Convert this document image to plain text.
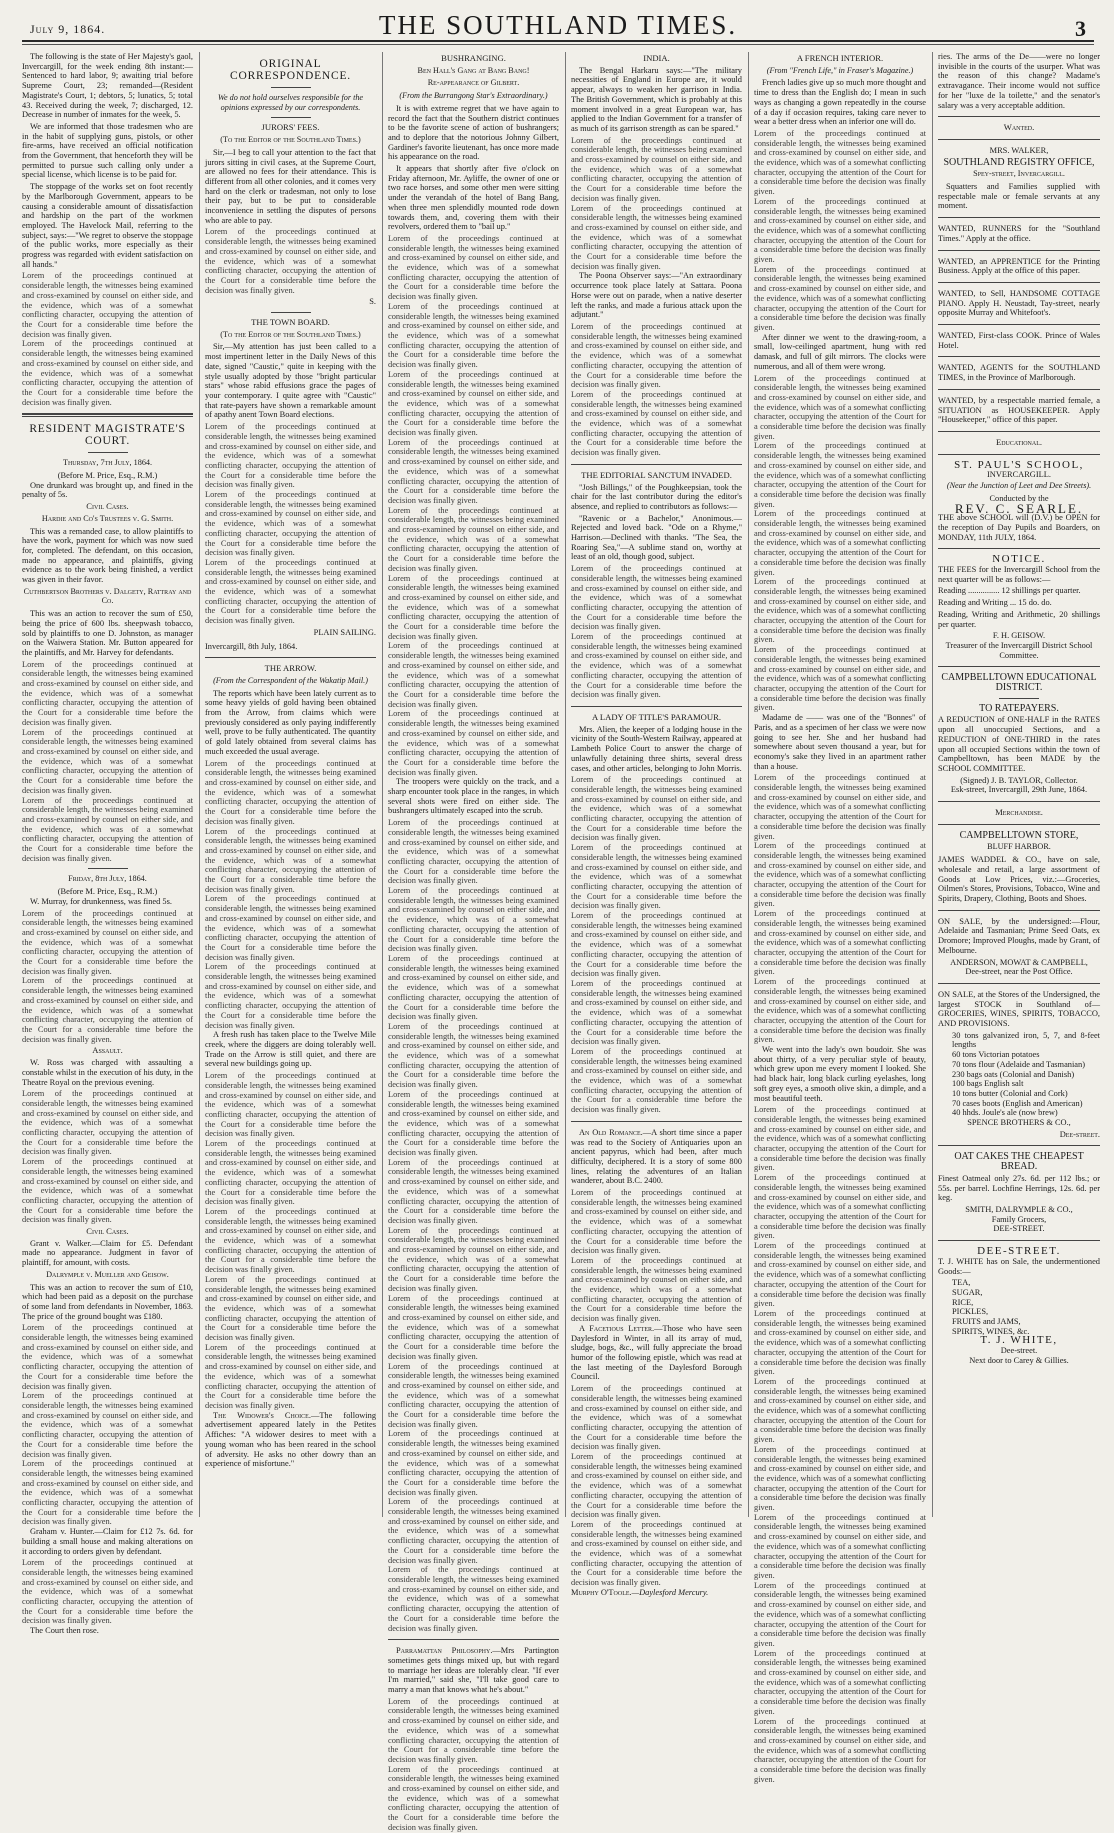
July 9, 1864.	THE SOUTHLAND TIMES.	3

The following is the state of Her Majesty's gaol, Invercargill, for the week ending 8th instant:—Sentenced to hard labor, 9; awaiting trial before Supreme Court, 23; remanded—(Resident Magistrate's Court, 1; debtors, 5; lunatics, 5; total 43. Received during the week, 7; discharged, 12. Decrease in number of inmates for the week, 5.

We are informed that those tradesmen who are in the habit of supplying guns, pistols, or other fire-arms, have received an official notification from the Government, that henceforth they will be permitted to pursue such calling only under a special license, which license is to be paid for.

The stoppage of the works set on foot recently by the Marlborough Government, appears to be causing a considerable amount of dissatisfaction and hardship on the part of the workmen employed. The Havelock Mail, referring to the subject, says:—"We regret to observe the stoppage of the public works, more especially as their progress was regarded with evident satisfaction on all hands."

Lorem of the proceedings continued at considerable length, the witnesses being examined and cross-examined by counsel on either side, and the evidence, which was of a somewhat conflicting character, occupying the attention of the Court for a considerable time before the decision was finally given.

Lorem of the proceedings continued at considerable length, the witnesses being examined and cross-examined by counsel on either side, and the evidence, which was of a somewhat conflicting character, occupying the attention of the Court for a considerable time before the decision was finally given.

RESIDENT MAGISTRATE'S COURT.
Thursday, 7th July, 1864.
(Before M. Price, Esq., R.M.)

One drunkard was brought up, and fined in the penalty of 5s.

Civil Cases.
Hardie and Co's Trustees v. G. Smith.

This was a remanded case, to allow plaintiffs to have the work, payment for which was now sued for, completed. The defendant, on this occasion, made no appearance, and plaintiffs, giving evidence as to the work being finished, a verdict was given in their favor.

Cuthbertson Brothers v. Dalgety, Rattray and Co.

This was an action to recover the sum of £50, being the price of 600 lbs. sheepwash tobacco, sold by plaintiffs to one D. Johnston, as manager on the Waiwera Station. Mr. Button appeared for the plaintiffs, and Mr. Harvey for defendants.

Lorem of the proceedings continued at considerable length, the witnesses being examined and cross-examined by counsel on either side, and the evidence, which was of a somewhat conflicting character, occupying the attention of the Court for a considerable time before the decision was finally given.

Lorem of the proceedings continued at considerable length, the witnesses being examined and cross-examined by counsel on either side, and the evidence, which was of a somewhat conflicting character, occupying the attention of the Court for a considerable time before the decision was finally given.

Lorem of the proceedings continued at considerable length, the witnesses being examined and cross-examined by counsel on either side, and the evidence, which was of a somewhat conflicting character, occupying the attention of the Court for a considerable time before the decision was finally given.

Friday, 8th July, 1864.
(Before M. Price, Esq., R.M.)

W. Murray, for drunkenness, was fined 5s.

Lorem of the proceedings continued at considerable length, the witnesses being examined and cross-examined by counsel on either side, and the evidence, which was of a somewhat conflicting character, occupying the attention of the Court for a considerable time before the decision was finally given.

Lorem of the proceedings continued at considerable length, the witnesses being examined and cross-examined by counsel on either side, and the evidence, which was of a somewhat conflicting character, occupying the attention of the Court for a considerable time before the decision was finally given.

Assault.

W. Ross was charged with assaulting a constable whilst in the execution of his duty, in the Theatre Royal on the previous evening.

Lorem of the proceedings continued at considerable length, the witnesses being examined and cross-examined by counsel on either side, and the evidence, which was of a somewhat conflicting character, occupying the attention of the Court for a considerable time before the decision was finally given.

Lorem of the proceedings continued at considerable length, the witnesses being examined and cross-examined by counsel on either side, and the evidence, which was of a somewhat conflicting character, occupying the attention of the Court for a considerable time before the decision was finally given.

Civil Cases.

Grant v. Walker.—Claim for £5. Defendant made no appearance. Judgment in favor of plaintiff, for amount, with costs.

Dalrymple v. Mueller and Geisow.

This was an action to recover the sum of £10, which had been paid as a deposit on the purchase of some land from defendants in November, 1863. The price of the ground bought was £180.

Lorem of the proceedings continued at considerable length, the witnesses being examined and cross-examined by counsel on either side, and the evidence, which was of a somewhat conflicting character, occupying the attention of the Court for a considerable time before the decision was finally given.

Lorem of the proceedings continued at considerable length, the witnesses being examined and cross-examined by counsel on either side, and the evidence, which was of a somewhat conflicting character, occupying the attention of the Court for a considerable time before the decision was finally given.

Lorem of the proceedings continued at considerable length, the witnesses being examined and cross-examined by counsel on either side, and the evidence, which was of a somewhat conflicting character, occupying the attention of the Court for a considerable time before the decision was finally given.

Graham v. Hunter.—Claim for £12 7s. 6d. for building a small house and making alterations on it according to orders given by defendant.

Lorem of the proceedings continued at considerable length, the witnesses being examined and cross-examined by counsel on either side, and the evidence, which was of a somewhat conflicting character, occupying the attention of the Court for a considerable time before the decision was finally given.

The Court then rose.

ORIGINAL CORRESPONDENCE.
We do not hold ourselves responsible for the opinions expressed by our correspondents.
JURORS' FEES.
(To the Editor of the Southland Times.)

Sir,—I beg to call your attention to the fact that jurors sitting in civil cases, at the Supreme Court, are allowed no fees for their attendance. This is different from all other colonies, and it comes very hard on the clerk or tradesman, not only to lose their pay, but to be put to considerable inconvenience in settling the disputes of persons who are able to pay.

Lorem of the proceedings continued at considerable length, the witnesses being examined and cross-examined by counsel on either side, and the evidence, which was of a somewhat conflicting character, occupying the attention of the Court for a considerable time before the decision was finally given.

S.
THE TOWN BOARD.
(To the Editor of the Southland Times.)

Sir,—My attention has just been called to a most impertinent letter in the Daily News of this date, signed "Caustic," quite in keeping with the style usually adopted by those "bright particular stars" whose rabid effusions grace the pages of your contemporary. I quite agree with "Caustic" that rate-payers have shown a remarkable amount of apathy anent Town Board elections.

Lorem of the proceedings continued at considerable length, the witnesses being examined and cross-examined by counsel on either side, and the evidence, which was of a somewhat conflicting character, occupying the attention of the Court for a considerable time before the decision was finally given.

Lorem of the proceedings continued at considerable length, the witnesses being examined and cross-examined by counsel on either side, and the evidence, which was of a somewhat conflicting character, occupying the attention of the Court for a considerable time before the decision was finally given.

Lorem of the proceedings continued at considerable length, the witnesses being examined and cross-examined by counsel on either side, and the evidence, which was of a somewhat conflicting character, occupying the attention of the Court for a considerable time before the decision was finally given.

PLAIN SAILING.

Invercargill, 8th July, 1864.

THE ARROW.
(From the Correspondent of the Wakatip Mail.)

The reports which have been lately current as to some heavy yields of gold having been obtained from the Arrow, from claims which were previously considered as only paying indifferently well, prove to be fully authenticated. The quantity of gold lately obtained from several claims has much exceeded the usual average.

Lorem of the proceedings continued at considerable length, the witnesses being examined and cross-examined by counsel on either side, and the evidence, which was of a somewhat conflicting character, occupying the attention of the Court for a considerable time before the decision was finally given.

Lorem of the proceedings continued at considerable length, the witnesses being examined and cross-examined by counsel on either side, and the evidence, which was of a somewhat conflicting character, occupying the attention of the Court for a considerable time before the decision was finally given.

Lorem of the proceedings continued at considerable length, the witnesses being examined and cross-examined by counsel on either side, and the evidence, which was of a somewhat conflicting character, occupying the attention of the Court for a considerable time before the decision was finally given.

Lorem of the proceedings continued at considerable length, the witnesses being examined and cross-examined by counsel on either side, and the evidence, which was of a somewhat conflicting character, occupying the attention of the Court for a considerable time before the decision was finally given.

A fresh rush has taken place to the Twelve Mile creek, where the diggers are doing tolerably well. Trade on the Arrow is still quiet, and there are several new buildings going up.

Lorem of the proceedings continued at considerable length, the witnesses being examined and cross-examined by counsel on either side, and the evidence, which was of a somewhat conflicting character, occupying the attention of the Court for a considerable time before the decision was finally given.

Lorem of the proceedings continued at considerable length, the witnesses being examined and cross-examined by counsel on either side, and the evidence, which was of a somewhat conflicting character, occupying the attention of the Court for a considerable time before the decision was finally given.

Lorem of the proceedings continued at considerable length, the witnesses being examined and cross-examined by counsel on either side, and the evidence, which was of a somewhat conflicting character, occupying the attention of the Court for a considerable time before the decision was finally given.

Lorem of the proceedings continued at considerable length, the witnesses being examined and cross-examined by counsel on either side, and the evidence, which was of a somewhat conflicting character, occupying the attention of the Court for a considerable time before the decision was finally given.

Lorem of the proceedings continued at considerable length, the witnesses being examined and cross-examined by counsel on either side, and the evidence, which was of a somewhat conflicting character, occupying the attention of the Court for a considerable time before the decision was finally given.

The Widower's Choice.—The following advertisement appeared lately in the Petites Affiches: "A widower desires to meet with a young woman who has been reared in the school of adversity. He asks no other dowry than an experience of misfortune."

BUSHRANGING.
Ben Hall's Gang at Bang Bang!
Re-appearance of Gilbert.
(From the Burrangong Star's Extraordinary.)

It is with extreme regret that we have again to record the fact that the Southern district continues to be the favorite scene of action of bushrangers; and to deplore that the notorious Johnny Gilbert, Gardiner's favorite lieutenant, has once more made his appearance on the road.

It appears that shortly after five o'clock on Friday afternoon, Mr. Ayliffe, the owner of one or two race horses, and some other men were sitting under the verandah of the hotel of Bang Bang, when three men splendidly mounted rode down towards them, and, covering them with their revolvers, ordered them to "bail up."

Lorem of the proceedings continued at considerable length, the witnesses being examined and cross-examined by counsel on either side, and the evidence, which was of a somewhat conflicting character, occupying the attention of the Court for a considerable time before the decision was finally given.

Lorem of the proceedings continued at considerable length, the witnesses being examined and cross-examined by counsel on either side, and the evidence, which was of a somewhat conflicting character, occupying the attention of the Court for a considerable time before the decision was finally given.

Lorem of the proceedings continued at considerable length, the witnesses being examined and cross-examined by counsel on either side, and the evidence, which was of a somewhat conflicting character, occupying the attention of the Court for a considerable time before the decision was finally given.

Lorem of the proceedings continued at considerable length, the witnesses being examined and cross-examined by counsel on either side, and the evidence, which was of a somewhat conflicting character, occupying the attention of the Court for a considerable time before the decision was finally given.

Lorem of the proceedings continued at considerable length, the witnesses being examined and cross-examined by counsel on either side, and the evidence, which was of a somewhat conflicting character, occupying the attention of the Court for a considerable time before the decision was finally given.

Lorem of the proceedings continued at considerable length, the witnesses being examined and cross-examined by counsel on either side, and the evidence, which was of a somewhat conflicting character, occupying the attention of the Court for a considerable time before the decision was finally given.

Lorem of the proceedings continued at considerable length, the witnesses being examined and cross-examined by counsel on either side, and the evidence, which was of a somewhat conflicting character, occupying the attention of the Court for a considerable time before the decision was finally given.

Lorem of the proceedings continued at considerable length, the witnesses being examined and cross-examined by counsel on either side, and the evidence, which was of a somewhat conflicting character, occupying the attention of the Court for a considerable time before the decision was finally given.

The troopers were quickly on the track, and a sharp encounter took place in the ranges, in which several shots were fired on either side. The bushrangers ultimately escaped into the scrub.

Lorem of the proceedings continued at considerable length, the witnesses being examined and cross-examined by counsel on either side, and the evidence, which was of a somewhat conflicting character, occupying the attention of the Court for a considerable time before the decision was finally given.

Lorem of the proceedings continued at considerable length, the witnesses being examined and cross-examined by counsel on either side, and the evidence, which was of a somewhat conflicting character, occupying the attention of the Court for a considerable time before the decision was finally given.

Lorem of the proceedings continued at considerable length, the witnesses being examined and cross-examined by counsel on either side, and the evidence, which was of a somewhat conflicting character, occupying the attention of the Court for a considerable time before the decision was finally given.

Lorem of the proceedings continued at considerable length, the witnesses being examined and cross-examined by counsel on either side, and the evidence, which was of a somewhat conflicting character, occupying the attention of the Court for a considerable time before the decision was finally given.

Lorem of the proceedings continued at considerable length, the witnesses being examined and cross-examined by counsel on either side, and the evidence, which was of a somewhat conflicting character, occupying the attention of the Court for a considerable time before the decision was finally given.

Lorem of the proceedings continued at considerable length, the witnesses being examined and cross-examined by counsel on either side, and the evidence, which was of a somewhat conflicting character, occupying the attention of the Court for a considerable time before the decision was finally given.

Lorem of the proceedings continued at considerable length, the witnesses being examined and cross-examined by counsel on either side, and the evidence, which was of a somewhat conflicting character, occupying the attention of the Court for a considerable time before the decision was finally given.

Lorem of the proceedings continued at considerable length, the witnesses being examined and cross-examined by counsel on either side, and the evidence, which was of a somewhat conflicting character, occupying the attention of the Court for a considerable time before the decision was finally given.

Lorem of the proceedings continued at considerable length, the witnesses being examined and cross-examined by counsel on either side, and the evidence, which was of a somewhat conflicting character, occupying the attention of the Court for a considerable time before the decision was finally given.

Lorem of the proceedings continued at considerable length, the witnesses being examined and cross-examined by counsel on either side, and the evidence, which was of a somewhat conflicting character, occupying the attention of the Court for a considerable time before the decision was finally given.

Lorem of the proceedings continued at considerable length, the witnesses being examined and cross-examined by counsel on either side, and the evidence, which was of a somewhat conflicting character, occupying the attention of the Court for a considerable time before the decision was finally given.

Lorem of the proceedings continued at considerable length, the witnesses being examined and cross-examined by counsel on either side, and the evidence, which was of a somewhat conflicting character, occupying the attention of the Court for a considerable time before the decision was finally given.

Parramattan Philosophy.—Mrs Partington sometimes gets things mixed up, but with regard to marriage her ideas are tolerably clear. "If ever I'm married," said she, "I'll take good care to marry a man that knows what he's about."

Lorem of the proceedings continued at considerable length, the witnesses being examined and cross-examined by counsel on either side, and the evidence, which was of a somewhat conflicting character, occupying the attention of the Court for a considerable time before the decision was finally given.

Lorem of the proceedings continued at considerable length, the witnesses being examined and cross-examined by counsel on either side, and the evidence, which was of a somewhat conflicting character, occupying the attention of the Court for a considerable time before the decision was finally given.

INDIA.

The Bengal Harkaru says:—"The military necessities of England in Europe are, it would appear, always to weaken her garrison in India. The British Government, which is probably at this moment involved in a great European war, has applied to the Indian Government for a transfer of as much of its garrison strength as can be spared."

Lorem of the proceedings continued at considerable length, the witnesses being examined and cross-examined by counsel on either side, and the evidence, which was of a somewhat conflicting character, occupying the attention of the Court for a considerable time before the decision was finally given.

Lorem of the proceedings continued at considerable length, the witnesses being examined and cross-examined by counsel on either side, and the evidence, which was of a somewhat conflicting character, occupying the attention of the Court for a considerable time before the decision was finally given.

The Poona Observer says:—"An extraordinary occurrence took place lately at Sattara. Poona Horse were out on parade, when a native deserter left the ranks, and made a furious attack upon the adjutant."

Lorem of the proceedings continued at considerable length, the witnesses being examined and cross-examined by counsel on either side, and the evidence, which was of a somewhat conflicting character, occupying the attention of the Court for a considerable time before the decision was finally given.

Lorem of the proceedings continued at considerable length, the witnesses being examined and cross-examined by counsel on either side, and the evidence, which was of a somewhat conflicting character, occupying the attention of the Court for a considerable time before the decision was finally given.

THE EDITORIAL SANCTUM INVADED.

"Josh Billings," of the Poughkeepsian, took the chair for the last contributor during the editor's absence, and replied to contributors as follows:—

"Ravenic or a Bachelor," Anonimous.—Rejected and loved back. "Ode on a Rhyme," Harrison.—Declined with thanks. "The Sea, the Roaring Sea,"—A sublime stand on, worthy at least of an old, though good, subject.

Lorem of the proceedings continued at considerable length, the witnesses being examined and cross-examined by counsel on either side, and the evidence, which was of a somewhat conflicting character, occupying the attention of the Court for a considerable time before the decision was finally given.

Lorem of the proceedings continued at considerable length, the witnesses being examined and cross-examined by counsel on either side, and the evidence, which was of a somewhat conflicting character, occupying the attention of the Court for a considerable time before the decision was finally given.

A LADY OF TITLE'S PARAMOUR.

Mrs. Alien, the keeper of a lodging house in the vicinity of the South-Western Railway, appeared at Lambeth Police Court to answer the charge of unlawfully detaining three shirts, several dress cases, and other articles, belonging to John Morris.

Lorem of the proceedings continued at considerable length, the witnesses being examined and cross-examined by counsel on either side, and the evidence, which was of a somewhat conflicting character, occupying the attention of the Court for a considerable time before the decision was finally given.

Lorem of the proceedings continued at considerable length, the witnesses being examined and cross-examined by counsel on either side, and the evidence, which was of a somewhat conflicting character, occupying the attention of the Court for a considerable time before the decision was finally given.

Lorem of the proceedings continued at considerable length, the witnesses being examined and cross-examined by counsel on either side, and the evidence, which was of a somewhat conflicting character, occupying the attention of the Court for a considerable time before the decision was finally given.

Lorem of the proceedings continued at considerable length, the witnesses being examined and cross-examined by counsel on either side, and the evidence, which was of a somewhat conflicting character, occupying the attention of the Court for a considerable time before the decision was finally given.

Lorem of the proceedings continued at considerable length, the witnesses being examined and cross-examined by counsel on either side, and the evidence, which was of a somewhat conflicting character, occupying the attention of the Court for a considerable time before the decision was finally given.

An Old Romance.—A short time since a paper was read to the Society of Antiquaries upon an ancient papyrus, which had been, after much difficulty, deciphered. It is a story of some 800 lines, relating the adventures of an Italian wanderer, about B.C. 2400.

Lorem of the proceedings continued at considerable length, the witnesses being examined and cross-examined by counsel on either side, and the evidence, which was of a somewhat conflicting character, occupying the attention of the Court for a considerable time before the decision was finally given.

Lorem of the proceedings continued at considerable length, the witnesses being examined and cross-examined by counsel on either side, and the evidence, which was of a somewhat conflicting character, occupying the attention of the Court for a considerable time before the decision was finally given.

A Facetious Letter.—Those who have seen Daylesford in Winter, in all its array of mud, sludge, bogs, &c., will fully appreciate the broad humor of the following epistle, which was read at the last meeting of the Daylesford Borough Council.

Lorem of the proceedings continued at considerable length, the witnesses being examined and cross-examined by counsel on either side, and the evidence, which was of a somewhat conflicting character, occupying the attention of the Court for a considerable time before the decision was finally given.

Lorem of the proceedings continued at considerable length, the witnesses being examined and cross-examined by counsel on either side, and the evidence, which was of a somewhat conflicting character, occupying the attention of the Court for a considerable time before the decision was finally given.

Lorem of the proceedings continued at considerable length, the witnesses being examined and cross-examined by counsel on either side, and the evidence, which was of a somewhat conflicting character, occupying the attention of the Court for a considerable time before the decision was finally given.

Murphy O'Toole.—Daylesford Mercury.

A FRENCH INTERIOR.
(From "French Life," in Fraser's Magazine.)

French ladies give up so much more thought and time to dress than the English do; I mean in such ways as changing a gown repeatedly in the course of a day if occasion requires, taking care never to wear a better dress when an inferior one will do.

Lorem of the proceedings continued at considerable length, the witnesses being examined and cross-examined by counsel on either side, and the evidence, which was of a somewhat conflicting character, occupying the attention of the Court for a considerable time before the decision was finally given.

Lorem of the proceedings continued at considerable length, the witnesses being examined and cross-examined by counsel on either side, and the evidence, which was of a somewhat conflicting character, occupying the attention of the Court for a considerable time before the decision was finally given.

Lorem of the proceedings continued at considerable length, the witnesses being examined and cross-examined by counsel on either side, and the evidence, which was of a somewhat conflicting character, occupying the attention of the Court for a considerable time before the decision was finally given.

After dinner we went to the drawing-room, a small, low-ceilinged apartment, hung with red damask, and full of gilt mirrors. The clocks were numerous, and all of them were wrong.

Lorem of the proceedings continued at considerable length, the witnesses being examined and cross-examined by counsel on either side, and the evidence, which was of a somewhat conflicting character, occupying the attention of the Court for a considerable time before the decision was finally given.

Lorem of the proceedings continued at considerable length, the witnesses being examined and cross-examined by counsel on either side, and the evidence, which was of a somewhat conflicting character, occupying the attention of the Court for a considerable time before the decision was finally given.

Lorem of the proceedings continued at considerable length, the witnesses being examined and cross-examined by counsel on either side, and the evidence, which was of a somewhat conflicting character, occupying the attention of the Court for a considerable time before the decision was finally given.

Lorem of the proceedings continued at considerable length, the witnesses being examined and cross-examined by counsel on either side, and the evidence, which was of a somewhat conflicting character, occupying the attention of the Court for a considerable time before the decision was finally given.

Lorem of the proceedings continued at considerable length, the witnesses being examined and cross-examined by counsel on either side, and the evidence, which was of a somewhat conflicting character, occupying the attention of the Court for a considerable time before the decision was finally given.

Madame de —— was one of the "Bonnes" of Paris, and as a specimen of her class we were now going to see her. She and her husband had somewhere about seven thousand a year, but for economy's sake they lived in an apartment rather than a house.

Lorem of the proceedings continued at considerable length, the witnesses being examined and cross-examined by counsel on either side, and the evidence, which was of a somewhat conflicting character, occupying the attention of the Court for a considerable time before the decision was finally given.

Lorem of the proceedings continued at considerable length, the witnesses being examined and cross-examined by counsel on either side, and the evidence, which was of a somewhat conflicting character, occupying the attention of the Court for a considerable time before the decision was finally given.

Lorem of the proceedings continued at considerable length, the witnesses being examined and cross-examined by counsel on either side, and the evidence, which was of a somewhat conflicting character, occupying the attention of the Court for a considerable time before the decision was finally given.

Lorem of the proceedings continued at considerable length, the witnesses being examined and cross-examined by counsel on either side, and the evidence, which was of a somewhat conflicting character, occupying the attention of the Court for a considerable time before the decision was finally given.

We went into the lady's own boudoir. She was about thirty, of a very peculiar style of beauty, which grew upon me every moment I looked. She had black hair, long black curling eyelashes, long soft grey eyes, a smooth olive skin, a dimple, and a most beautiful teeth.

Lorem of the proceedings continued at considerable length, the witnesses being examined and cross-examined by counsel on either side, and the evidence, which was of a somewhat conflicting character, occupying the attention of the Court for a considerable time before the decision was finally given.

Lorem of the proceedings continued at considerable length, the witnesses being examined and cross-examined by counsel on either side, and the evidence, which was of a somewhat conflicting character, occupying the attention of the Court for a considerable time before the decision was finally given.

Lorem of the proceedings continued at considerable length, the witnesses being examined and cross-examined by counsel on either side, and the evidence, which was of a somewhat conflicting character, occupying the attention of the Court for a considerable time before the decision was finally given.

Lorem of the proceedings continued at considerable length, the witnesses being examined and cross-examined by counsel on either side, and the evidence, which was of a somewhat conflicting character, occupying the attention of the Court for a considerable time before the decision was finally given.

Lorem of the proceedings continued at considerable length, the witnesses being examined and cross-examined by counsel on either side, and the evidence, which was of a somewhat conflicting character, occupying the attention of the Court for a considerable time before the decision was finally given.

Lorem of the proceedings continued at considerable length, the witnesses being examined and cross-examined by counsel on either side, and the evidence, which was of a somewhat conflicting character, occupying the attention of the Court for a considerable time before the decision was finally given.

Lorem of the proceedings continued at considerable length, the witnesses being examined and cross-examined by counsel on either side, and the evidence, which was of a somewhat conflicting character, occupying the attention of the Court for a considerable time before the decision was finally given.

Lorem of the proceedings continued at considerable length, the witnesses being examined and cross-examined by counsel on either side, and the evidence, which was of a somewhat conflicting character, occupying the attention of the Court for a considerable time before the decision was finally given.

Lorem of the proceedings continued at considerable length, the witnesses being examined and cross-examined by counsel on either side, and the evidence, which was of a somewhat conflicting character, occupying the attention of the Court for a considerable time before the decision was finally given.

Lorem of the proceedings continued at considerable length, the witnesses being examined and cross-examined by counsel on either side, and the evidence, which was of a somewhat conflicting character, occupying the attention of the Court for a considerable time before the decision was finally given.

ries. The arms of the De——were no longer invisible in the courts of the usurper. What was the reason of this change? Madame's extravagance. Their income would not suffice for her "luxe de la toilette," and the senator's salary was a very acceptable addition.

Wanted.
MRS. WALKER,
SOUTHLAND REGISTRY OFFICE,
Spey-street, Invercargill.

Squatters and Families supplied with respectable male or female servants at any moment.

WANTED, RUNNERS for the "Southland Times." Apply at the office.

WANTED, an APPRENTICE for the Printing Business. Apply at the office of this paper.

WANTED, to Sell, HANDSOME COTTAGE PIANO. Apply H. Neustadt, Tay-street, nearly opposite Murray and Whitefoot's.

WANTED, First-class COOK. Prince of Wales Hotel.

WANTED, AGENTS for the SOUTHLAND TIMES, in the Province of Marlborough.

WANTED, by a respectable married female, a SITUATION as HOUSEKEEPER. Apply "Housekeeper," office of this paper.

Educational.
ST. PAUL'S SCHOOL,
INVERCARGILL.
(Near the Junction of Leet and Dee Streets).
Conducted by the
REV. C. SEARLE.

THE above SCHOOL will (D.V.) be OPEN for the reception of Day Pupils and Boarders, on MONDAY, 11th JULY, 1864.

NOTICE.

THE FEES for the Invercargill School from the next quarter will be as follows:—

Reading ............... 12 shillings per quarter.

Reading and Writing ... 15 do. do.

Reading, Writing and Arithmetic, 20 shillings per quarter.

F. H. GEISOW.
Treasurer of the Invercargill District School Committee.
CAMPBELLTOWN EDUCATIONAL DISTRICT.
TO RATEPAYERS.

A REDUCTION of ONE-HALF in the RATES upon all unoccupied Sections, and a REDUCTION of ONE-THIRD in the rates upon all occupied Sections within the town of Campbelltown, has been MADE by the SCHOOL COMMITTEE.

(Signed) J. B. TAYLOR, Collector.
Esk-street, Invercargill, 29th June, 1864.
Merchandise.
CAMPBELLTOWN STORE,
BLUFF HARBOR.

JAMES WADDEL & CO., have on sale, wholesale and retail, a large assortment of Goods at Low Prices, viz.:—Groceries, Oilmen's Stores, Provisions, Tobacco, Wine and Spirits, Drapery, Clothing, Boots and Shoes.

ON SALE, by the undersigned:—Flour, Adelaide and Tasmanian; Prime Seed Oats, ex Dromore; Improved Ploughs, made by Grant, of Melbourne.

ANDERSON, MOWAT & CAMPBELL,
Dee-street, near the Post Office.

ON SALE, at the Stores of the Undersigned, the largest STOCK in Southland of—GROCERIES, WINES, SPIRITS, TOBACCO, AND PROVISIONS.

30 tons galvanized iron, 5, 7, and 8-feet lengths

60 tons Victorian potatoes

70 tons flour (Adelaide and Tasmanian)

230 bags oats (Colonial and Danish)

100 bags English salt

10 tons butter (Colonial and Cork)

70 cases boots (English and American)

40 hhds. Joule's ale (now brew)

SPENCE BROTHERS & CO.,
Dee-street.
OAT CAKES THE CHEAPEST BREAD.

Finest Oatmeal only 27s. 6d. per 112 lbs.; or 55s. per barrel. Lochfine Herrings, 12s. 6d. per keg.

SMITH, DALRYMPLE & CO.,
Family Grocers,
DEE-STREET.
DEE-STREET.

T. J. WHITE has on Sale, the undermentioned Goods:—

TEA,

SUGAR,

RICE,

PICKLES,

FRUITS and JAMS,

SPIRITS, WINES, &c.

T. J. WHITE,
Dee-street.
Next door to Carey & Gillies.
